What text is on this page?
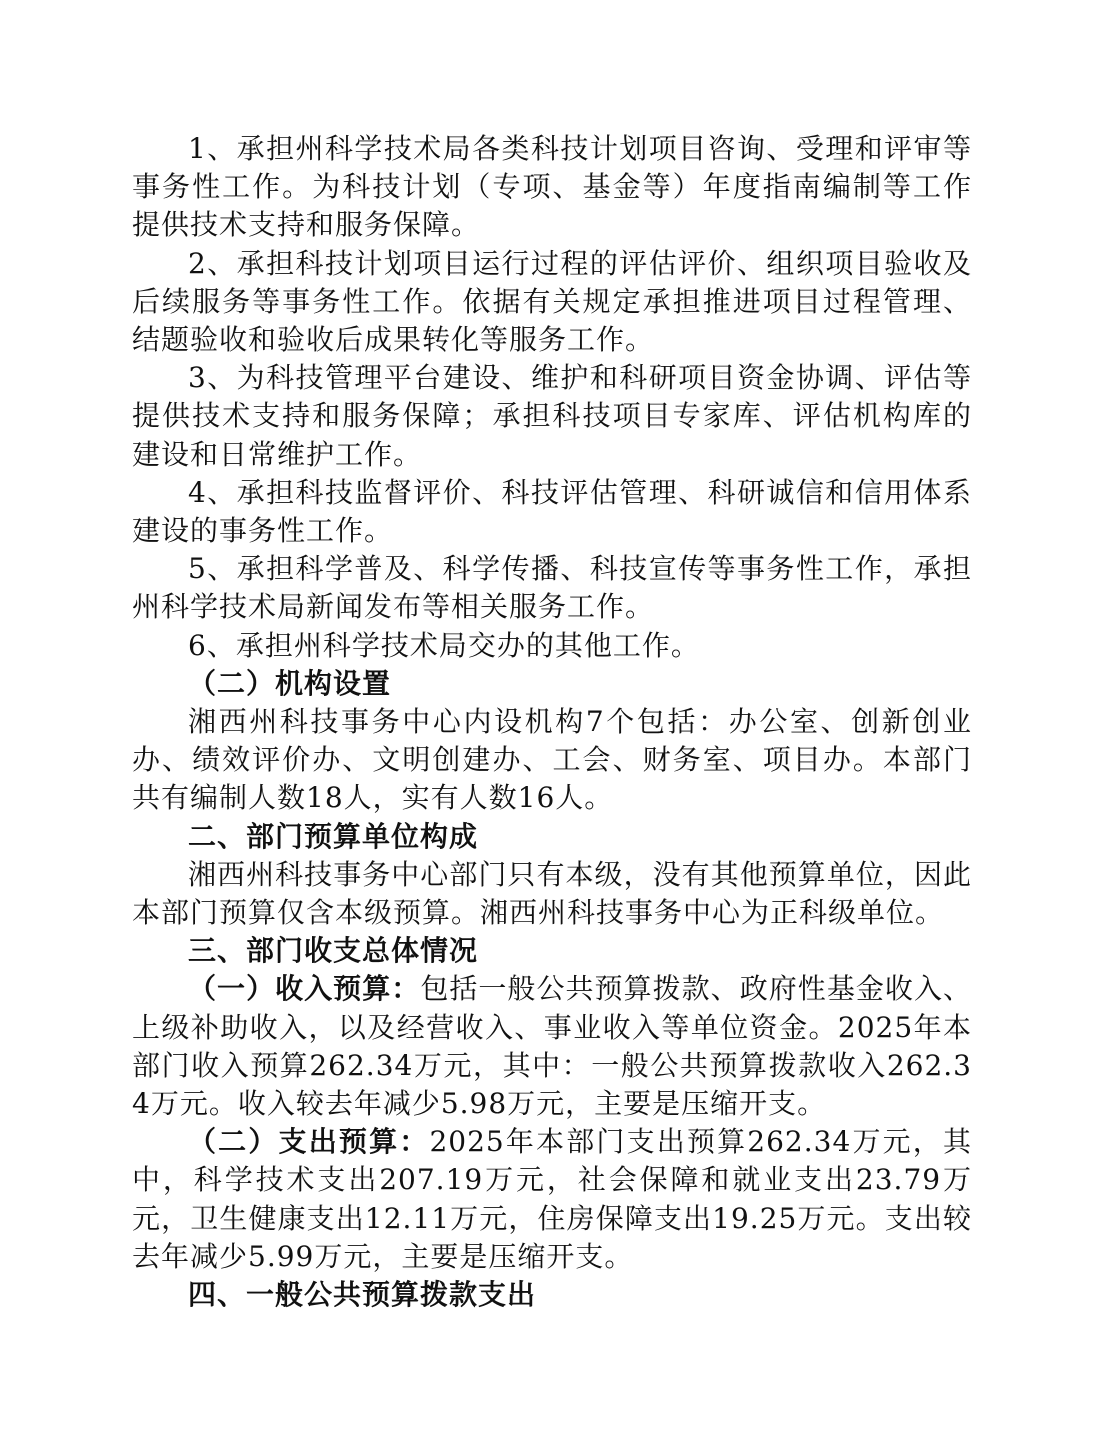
1、承担州科学技术局各类科技计划项目咨询、受理和评审等事务性工作。为科技计划（专项、基金等）年度指南编制等工作提供技术支持和服务保障。

2、承担科技计划项目运行过程的评估评价、组织项目验收及后续服务等事务性工作。依据有关规定承担推进项目过程管理、结题验收和验收后成果转化等服务工作。

3、为科技管理平台建设、维护和科研项目资金协调、评估等提供技术支持和服务保障；承担科技项目专家库、评估机构库的建设和日常维护工作。

4、承担科技监督评价、科技评估管理、科研诚信和信用体系建设的事务性工作。

5、承担科学普及、科学传播、科技宣传等事务性工作，承担州科学技术局新闻发布等相关服务工作。

6、承担州科学技术局交办的其他工作。

（二）机构设置

湘西州科技事务中心内设机构7个包括：办公室、创新创业办、绩效评价办、文明创建办、工会、财务室、项目办。本部门共有编制人数18人，实有人数16人。

二、部门预算单位构成

湘西州科技事务中心部门只有本级，没有其他预算单位，因此本部门预算仅含本级预算。湘西州科技事务中心为正科级单位。

三、部门收支总体情况

（一）收入预算：包括一般公共预算拨款、政府性基金收入、上级补助收入，以及经营收入、事业收入等单位资金。2025年本部门收入预算262.34万元，其中：一般公共预算拨款收入262.34万元。收入较去年减少5.98万元，主要是压缩开支。

（二）支出预算：2025年本部门支出预算262.34万元，其中，科学技术支出207.19万元，社会保障和就业支出23.79万元，卫生健康支出12.11万元，住房保障支出19.25万元。支出较去年减少5.99万元，主要是压缩开支。

四、一般公共预算拨款支出
